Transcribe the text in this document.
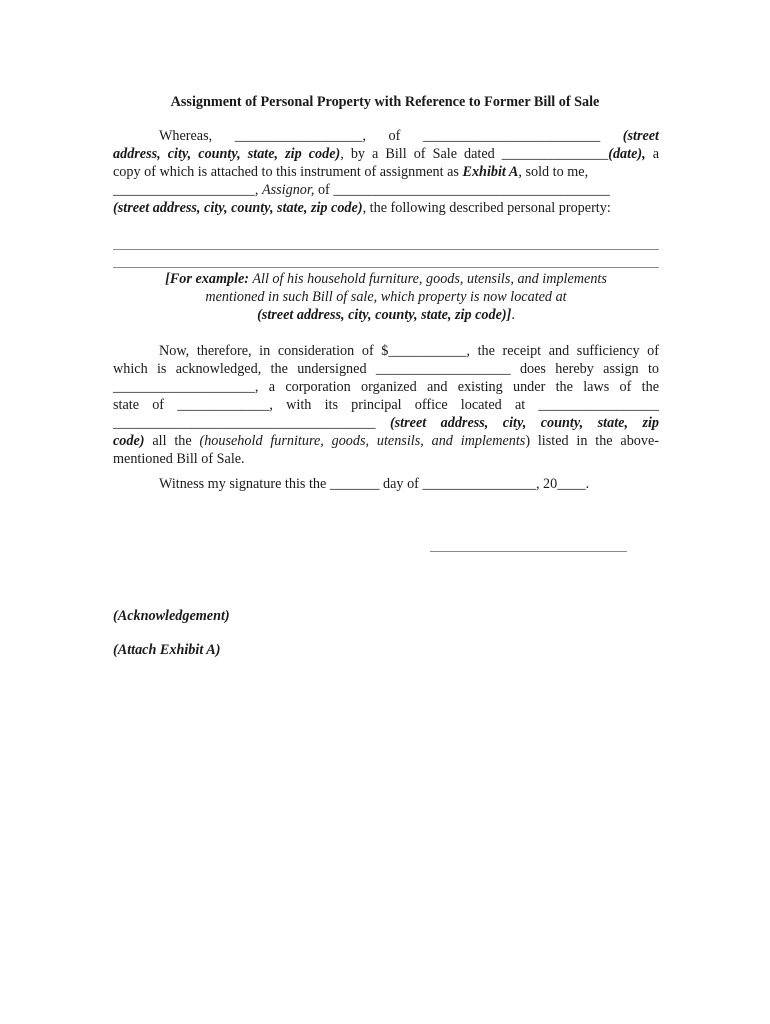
Assignment of Personal Property with Reference to Former Bill of Sale
Whereas, __________________, of _________________________ (street
address, city, county, state, zip code), by a Bill of Sale dated _______________(date), a
copy of which is attached to this instrument of assignment as Exhibit A, sold to me,
____________________, Assignor, of _______________________________________
(street address, city, county, state, zip code), the following described personal property:
[For example: All of his household furniture, goods, utensils, and implements
mentioned in such Bill of sale, which property is now located at
(street address, city, county, state, zip code)].
Now, therefore, in consideration of $___________, the receipt and sufficiency of
which is acknowledged, the undersigned ___________________ does hereby assign to
____________________, a corporation organized and existing under the laws of the
state of _____________, with its principal office located at _________________
_____________________________________ (street address, city, county, state, zip
code) all the (household furniture, goods, utensils, and implements) listed in the above-
mentioned Bill of Sale.
Witness my signature this the _______ day of ________________, 20____.
(Acknowledgement)
(Attach Exhibit A)
